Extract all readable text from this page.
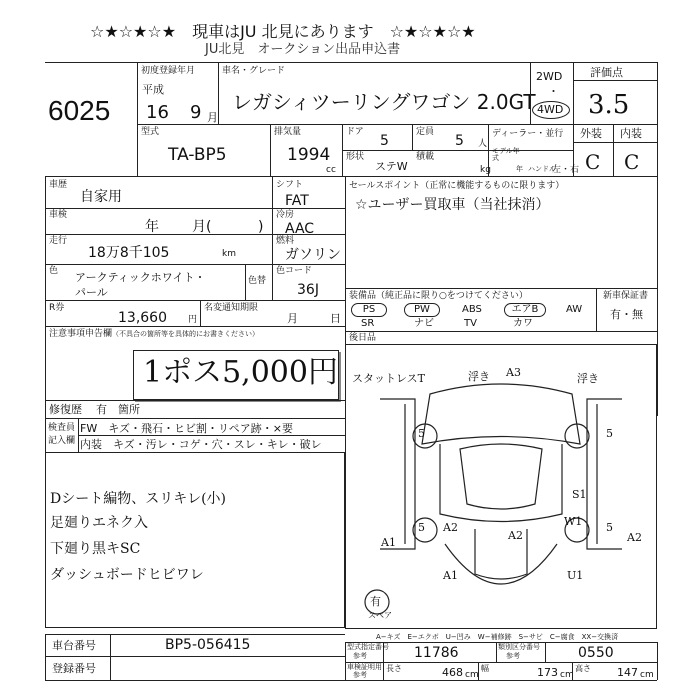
☆★☆★☆★　現車はJU 北見にあります　☆★☆★☆★
JU北見　オークション出品申込書
6025
初度登録年月
平成
16 9 月
車名・グレード
レガシィツーリングワゴン 2.0GT
2WD
・
4WD
評価点
3.5
型式
TA-BP5
排気量
1994
cc
ドア
5
定員
5 人
ディーラー・並行
形状
ステW
積載
kg
モデル年式
年 ハンドル
左・右
外装 内装
C C
車歴
自家用
シフト
FAT
車検
年 月(	)
冷房
AAC
走行
18万8千105	km
燃料
ガソリン
色 アークティックホワイト・
パール
色替
色コード
36J
R券
13,660 円
名変通知期限
月	日
注意事項申告欄 （不具合の箇所等を具体的にお書きください）
1ポス5,000円
修復歴 有 箇所
検査員
記入欄
FW　キズ・飛石・ヒビ割・リペア跡・×要
内装　キズ・汚レ・コゲ・穴・スレ・キレ・破レ
Dシート編物、スリキレ(小)
足廻りエネク入
下廻り黒キSC
ダッシュボードヒビワレ
セールスポイント（正常に機能するものに限ります）
☆ユーザー買取車（当社抹消）
装備品（純正品に限り○をつけてください）	新車保証書
有・無
PS	PW	ABS	エアB	AW
SR	ナビ	TV	カワ
後日品
スタットレスT	A3
浮き	浮き
5	5
5	5
S1
W1
A2
A1	A2
A2
A1	U1
有
スペア
A−キズ　E−エクボ　U−凹み　W−補修跡　S−サビ　C−腐食　XX−交換済
車台番号	BP5-056415
登録番号
型式指定番号
参考	11786	類別区分番号
参考	0550
車検証明用
参考
長さ	468 cm
幅	173 cm
高さ 147 cm
